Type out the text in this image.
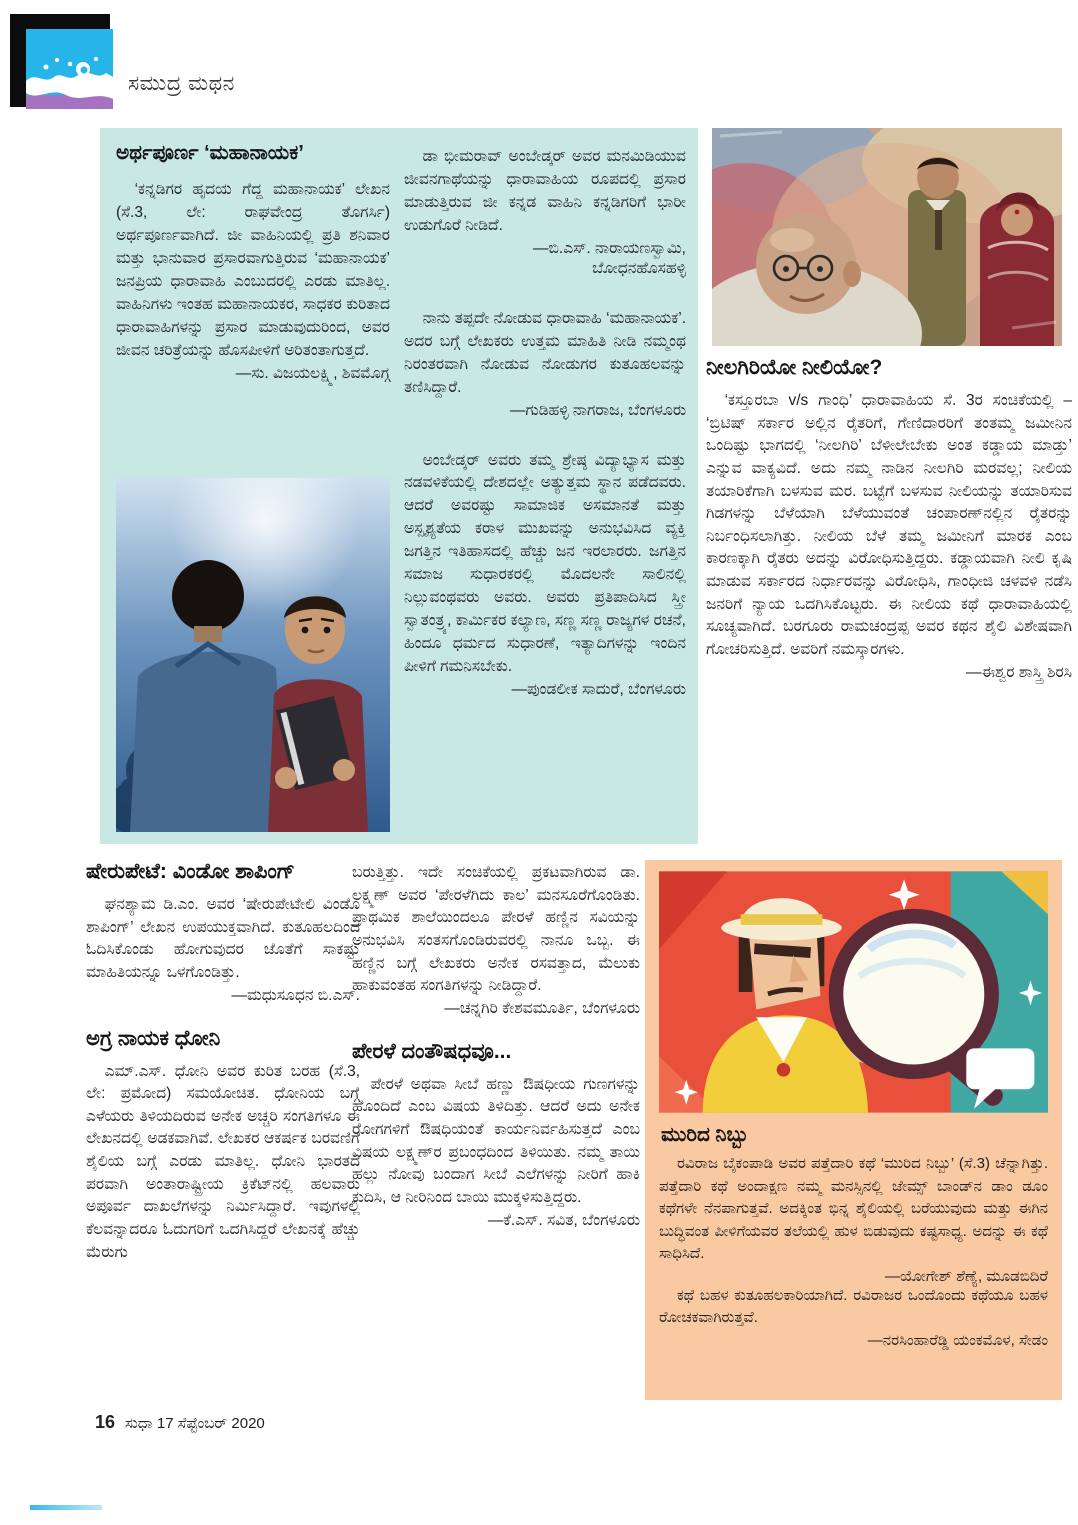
ಸಮುದ್ರ ಮಥನ
ಅರ್ಥಪೂರ್ಣ ‘ಮಹಾನಾಯಕ’
‘ಕನ್ನಡಿಗರ ಹೃದಯ ಗೆದ್ದ ಮಹಾನಾಯಕ’ ಲೇಖನ (ಸೆ.3, ಲೇ: ರಾಘವೇಂದ್ರ ತೊಗರ್ಸಿ) ಅರ್ಥಪೂರ್ಣವಾಗಿದೆ. ಜೀ ವಾಹಿನಿಯಲ್ಲಿ ಪ್ರತಿ ಶನಿವಾರ ಮತ್ತು ಭಾನುವಾರ ಪ್ರಸಾರವಾಗುತ್ತಿರುವ ‘ಮಹಾನಾಯಕ’ ಜನಪ್ರಿಯ ಧಾರಾವಾಹಿ ಎಂಬುದರಲ್ಲಿ ಎರಡು ಮಾತಿಲ್ಲ. ವಾಹಿನಿಗಳು ಇಂತಹ ಮಹಾನಾಯಕರ, ಸಾಧಕರ ಕುರಿತಾದ ಧಾರಾವಾಹಿಗಳನ್ನು ಪ್ರಸಾರ ಮಾಡುವುದುರಿಂದ, ಅವರ ಜೀವನ ಚರಿತ್ರೆಯನ್ನು ಹೊಸಪೀಳಿಗೆ ಅರಿತಂತಾಗುತ್ತದೆ.
—ಸು. ವಿಜಯಲಕ್ಷ್ಮಿ, ಶಿವಮೊಗ್ಗ
ಡಾ ಭೀಮರಾವ್ ಅಂಬೇಡ್ಕರ್ ಅವರ ಮನಮಿಡಿಯುವ ಜೀವನಗಾಥೆಯನ್ನು ಧಾರಾವಾಹಿಯ ರೂಪದಲ್ಲಿ ಪ್ರಸಾರ ಮಾಡುತ್ತಿರುವ ಜೀ ಕನ್ನಡ ವಾಹಿನಿ ಕನ್ನಡಿಗರಿಗೆ ಭಾರೀ ಉಡುಗೊರೆ ನೀಡಿದೆ.
—ಬಿ.ಎಸ್. ನಾರಾಯಣಸ್ವಾಮಿ,
ಬೋಧನಹೊಸಹಳ್ಳಿ
ನಾನು ತಪ್ಪದೇ ನೋಡುವ ಧಾರಾವಾಹಿ ‘ಮಹಾನಾಯಕ’. ಅದರ ಬಗ್ಗೆ ಲೇಖಕರು ಉತ್ತಮ ಮಾಹಿತಿ ನೀಡಿ ನಮ್ಮಂಥ ನಿರಂತರವಾಗಿ ನೋಡುವ ನೋಡುಗರ ಕುತೂಹಲವನ್ನು ತಣಿಸಿದ್ದಾರೆ.
—ಗುಡಿಹಳ್ಳಿ ನಾಗರಾಜ, ಬೆಂಗಳೂರು
ಅಂಬೇಡ್ಕರ್ ಅವರು ತಮ್ಮ ಶ್ರೇಷ್ಠ ವಿದ್ಯಾಭ್ಯಾಸ ಮತ್ತು ನಡವಳಿಕೆಯಲ್ಲಿ ದೇಶದಲ್ಲೇ ಅತ್ಯುತ್ತಮ ಸ್ಥಾನ ಪಡೆದವರು. ಆದರೆ ಅವರಷ್ಟು ಸಾಮಾಜಿಕ ಅಸಮಾನತೆ ಮತ್ತು ಅಸ್ಪೃಶ್ಯತೆಯ ಕರಾಳ ಮುಖವನ್ನು ಅನುಭವಿಸಿದ ವ್ಯಕ್ತಿ ಜಗತ್ತಿನ ಇತಿಹಾಸದಲ್ಲಿ ಹೆಚ್ಚು ಜನ ಇರಲಾರರು. ಜಗತ್ತಿನ ಸಮಾಜ ಸುಧಾರಕರಲ್ಲಿ ಮೊದಲನೇ ಸಾಲಿನಲ್ಲಿ ನಿಲ್ಲುವಂಥವರು ಅವರು. ಅವರು ಪ್ರತಿಪಾದಿಸಿದ ಸ್ತ್ರೀ ಸ್ವಾತಂತ್ರ್ಯ, ಕಾರ್ಮಿಕರ ಕಲ್ಯಾಣ, ಸಣ್ಣ ಸಣ್ಣ ರಾಜ್ಯಗಳ ರಚನೆ, ಹಿಂದೂ ಧರ್ಮದ ಸುಧಾರಣೆ, ಇತ್ಯಾದಿಗಳನ್ನು ಇಂದಿನ ಪೀಳಿಗೆ ಗಮನಿಸಬೇಕು.
—ಪುಂಡಲೀಕ ಸಾದುರೆ, ಬೆಂಗಳೂರು
ನೀಲಗಿರಿಯೋ ನೀಲಿಯೋ?
‘ಕಸ್ತೂರಬಾ v/s ಗಾಂಧಿ’ ಧಾರಾವಾಹಿಯ ಸೆ. 3ರ ಸಂಚಿಕೆಯಲ್ಲಿ – ‘ಬ್ರಿಟಿಷ್ ಸರ್ಕಾರ ಅಲ್ಲಿನ ರೈತರಿಗೆ, ಗೇಣಿದಾರರಿಗೆ ತಂತಮ್ಮ ಜಮೀನಿನ ಒಂದಿಷ್ಟು ಭಾಗದಲ್ಲಿ ‘ನೀಲಗಿರಿ’ ಬೆಳೀಲೇಬೇಕು ಅಂತ ಕಡ್ಡಾಯ ಮಾಡ್ತು’ ಎನ್ನುವ ವಾಕ್ಯವಿದೆ. ಅದು ನಮ್ಮ ನಾಡಿನ ನೀಲಗಿರಿ ಮರವಲ್ಲ; ನೀಲಿಯ ತಯಾರಿಕೆಗಾಗಿ ಬಳಸುವ ಮರ. ಬಟ್ಟೆಗೆ ಬಳಸುವ ನೀಲಿಯನ್ನು ತಯಾರಿಸುವ ಗಿಡಗಳನ್ನು ಬೆಳೆಯಾಗಿ ಬೆಳೆಯುವಂತೆ ಚಂಪಾರಣ್‌ನಲ್ಲಿನ ರೈತರನ್ನು ನಿರ್ಬಂಧಿಸಲಾಗಿತ್ತು. ನೀಲಿಯ ಬೆಳೆ ತಮ್ಮ ಜಮೀನಿಗೆ ಮಾರಕ ಎಂಬ ಕಾರಣಕ್ಕಾಗಿ ರೈತರು ಅದನ್ನು ವಿರೋಧಿಸುತ್ತಿದ್ದರು. ಕಡ್ಡಾಯವಾಗಿ ನೀಲಿ ಕೃಷಿ ಮಾಡುವ ಸರ್ಕಾರದ ನಿರ್ಧಾರವನ್ನು ವಿರೋಧಿಸಿ, ಗಾಂಧೀಜಿ ಚಳವಳಿ ನಡೆಸಿ ಜನರಿಗೆ ನ್ಯಾಯ ಒದಗಿಸಿಕೊಟ್ಟರು. ಈ ನೀಲಿಯ ಕಥೆ ಧಾರಾವಾಹಿಯಲ್ಲಿ ಸೂಚ್ಯವಾಗಿದೆ. ಬರಗೂರು ರಾಮಚಂದ್ರಪ್ಪ ಅವರ ಕಥನ ಶೈಲಿ ವಿಶೇಷವಾಗಿ ಗೋಚರಿಸುತ್ತಿದೆ. ಅವರಿಗೆ ನಮಸ್ಕಾರಗಳು.
—ಈಶ್ವರ ಶಾಸ್ತ್ರಿ ಶಿರಸಿ
ಷೇರುಪೇಟೆ: ವಿಂಡೋ ಶಾಪಿಂಗ್
ಘನಶ್ಯಾಮ ಡಿ.ಎಂ. ಅವರ ‘ಷೇರುಪೇಟೇಲಿ ವಿಂಡೊ ಶಾಪಿಂಗ್’ ಲೇಖನ ಉಪಯುಕ್ತವಾಗಿದೆ. ಕುತೂಹಲದಿಂದ ಓದಿಸಿಕೊಂಡು ಹೋಗುವುದರ ಜೊತೆಗೆ ಸಾಕಷ್ಟು ಮಾಹಿತಿಯನ್ನೂ ಒಳಗೊಂಡಿತ್ತು.
—ಮಧುಸೂಧನ ಬಿ.ಎಸ್.
ಅಗ್ರ ನಾಯಕ ಧೋನಿ
ಎಮ್.ಎಸ್. ಧೋನಿ ಅವರ ಕುರಿತ ಬರಹ (ಸೆ.3, ಲೇ: ಪ್ರಮೋದ) ಸಮಯೋಚಿತ. ಧೋನಿಯ ಬಗ್ಗೆ ಎಳೆಯರು ತಿಳಿಯದಿರುವ ಅನೇಕ ಅಚ್ಚರಿ ಸಂಗತಿಗಳೂ ಈ ಲೇಖನದಲ್ಲಿ ಅಡಕವಾಗಿವೆ. ಲೇಖಕರ ಆಕರ್ಷಕ ಬರವಣಿಗೆ ಶೈಲಿಯ ಬಗ್ಗೆ ಎರಡು ಮಾತಿಲ್ಲ. ಧೋನಿ ಭಾರತದ ಪರವಾಗಿ ಅಂತಾರಾಷ್ಟ್ರೀಯ ಕ್ರಿಕೆಟ್‌ನಲ್ಲಿ ಹಲವಾರು ಅಪೂರ್ವ ದಾಖಲೆಗಳನ್ನು ನಿರ್ಮಿಸಿದ್ದಾರೆ. ಇವುಗಳಲ್ಲಿ ಕೆಲವನ್ನಾದರೂ ಓದುಗರಿಗೆ ಒದಗಿಸಿದ್ದರೆ ಲೇಖನಕ್ಕೆ ಹೆಚ್ಚು ಮೆರುಗು
ಬರುತ್ತಿತ್ತು. ಇದೇ ಸಂಚಿಕೆಯಲ್ಲಿ ಪ್ರಕಟವಾಗಿರುವ ಡಾ. ಲಕ್ಷ್ಮಣ್ ಅವರ ‘ಪೇರಳೆಗಿದು ಕಾಲ’ ಮನಸೂರೆಗೊಂಡಿತು. ಪ್ರಾಥಮಿಕ ಶಾಲೆಯಿಂದಲೂ ಪೇರಳೆ ಹಣ್ಣಿನ ಸವಿಯನ್ನು ಅನುಭವಿಸಿ ಸಂತಸಗೊಂಡಿರುವರಲ್ಲಿ ನಾನೂ ಒಬ್ಬ. ಈ ಹಣ್ಣಿನ ಬಗ್ಗೆ ಲೇಖಕರು ಅನೇಕ ರಸವತ್ತಾದ, ಮೆಲುಕು ಹಾಕುವಂತಹ ಸಂಗತಿಗಳನ್ನು ನೀಡಿದ್ದಾರೆ.
—ಚನ್ನಗಿರಿ ಕೇಶವಮೂರ್ತಿ, ಬೆಂಗಳೂರು
ಪೇರಳೆ ದಂತೌಷಧವೂ...
ಪೇರಳೆ ಅಥವಾ ಸೀಬೆ ಹಣ್ಣು ಔಷಧೀಯ ಗುಣಗಳನ್ನು ಹೊಂದಿದೆ ಎಂಬ ವಿಷಯ ತಿಳಿದಿತ್ತು. ಆದರೆ ಅದು ಅನೇಕ ರೋಗಗಳಿಗೆ ಔಷಧಿಯಂತೆ ಕಾರ್ಯನಿರ್ವಹಿಸುತ್ತದೆ ಎಂಬ ವಿಷಯ ಲಕ್ಷ್ಮಣ್‌ರ ಪ್ರಬಂಧದಿಂದ ತಿಳಿಯಿತು. ನಮ್ಮ ತಾಯಿ ಹಲ್ಲು ನೋವು ಬಂದಾಗ ಸೀಬೆ ಎಲೆಗಳನ್ನು ನೀರಿಗೆ ಹಾಕಿ ಕುದಿಸಿ, ಆ ನೀರಿನಿಂದ ಬಾಯಿ ಮುಕ್ಕಳಿಸುತ್ತಿದ್ದರು.
—ಕೆ.ಎಸ್. ಸವಿತ, ಬೆಂಗಳೂರು
ಮುರಿದ ನಿಬ್ಬು
ರವಿರಾಜ ಬೈಕಂಪಾಡಿ ಅವರ ಪತ್ತೆದಾರಿ ಕಥೆ ‘ಮುರಿದ ನಿಬ್ಬು’ (ಸೆ.3) ಚೆನ್ನಾಗಿತ್ತು. ಪತ್ತೆದಾರಿ ಕಥೆ ಅಂದಾಕ್ಷಣ ನಮ್ಮ ಮನಸ್ಸಿನಲ್ಲಿ ಜೇಮ್ಸ್ ಬಾಂಡ್‌ನ ಡಾಂ ಡೂಂ ಕಥೆಗಳೇ ನೆನಪಾಗುತ್ತವೆ. ಅದಕ್ಕಿಂತ ಭಿನ್ನ ಶೈಲಿಯಲ್ಲಿ ಬರೆಯುವುದು ಮತ್ತು ಈಗಿನ ಬುದ್ಧಿವಂತ ಪೀಳಿಗೆಯವರ ತಲೆಯಲ್ಲಿ ಹುಳ ಬಿಡುವುದು ಕಷ್ಟಸಾಧ್ಯ. ಅದನ್ನು ಈ ಕಥೆ ಸಾಧಿಸಿದೆ.
—ಯೋಗೇಶ್ ಶೆಣ್ಯೆ, ಮೂಡಬಿದಿರೆ
ಕಥೆ ಬಹಳ ಕುತೂಹಲಕಾರಿಯಾಗಿದೆ. ರವಿರಾಜರ ಒಂದೊಂದು ಕಥೆಯೂ ಬಹಳ ರೋಚಕವಾಗಿರುತ್ತವೆ.
—ನರಸಿಂಹಾರೆಡ್ಡಿ ಯಂಕಮೊಳ, ಸೇಡಂ
16 ಸುಧಾ 17 ಸೆಪ್ಟೆಂಬರ್ 2020
